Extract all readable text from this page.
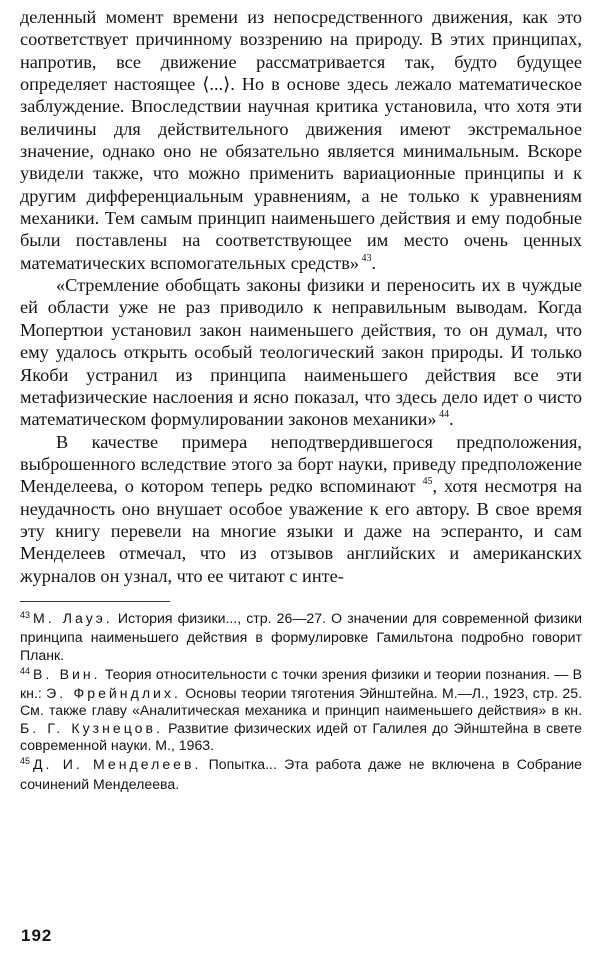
деленный момент времени из непосредственного движения, как это соответствует причинному воззрению на природу. В этих принципах, напротив, все движение рассматривается так, будто будущее определяет настоящее ⟨...⟩. Но в основе здесь лежало математическое заблуждение. Впоследствии научная критика установила, что хотя эти величины для действительного движения имеют экстремальное значение, однако оно не обязательно является минимальным. Вскоре увидели также, что можно применить вариационные принципы и к другим дифференциальным уравнениям, а не только к уравнениям механики. Тем самым принцип наименьшего действия и ему подобные были поставлены на соответствующее им место очень ценных математических вспомогательных средств» $^{43}$.

«Стремление обобщать законы физики и переносить их в чуждые ей области уже не раз приводило к неправильным выводам. Когда Мопертюи установил закон наименьшего действия, то он думал, что ему удалось открыть особый теологический закон природы. И только Якоби устранил из принципа наименьшего действия все эти метафизические наслоения и ясно показал, что здесь дело идет о чисто математическом формулировании законов механики» $^{44}$.

В качестве примера неподтвердившегося предположения, выброшенного вследствие этого за борт науки, приведу предположение Менделеева, о котором теперь редко вспоминают $^{45}$, хотя несмотря на неудачность оно внушает особое уважение к его автору. В свое время эту книгу перевели на многие языки и даже на эсперанто, и сам Менделеев отмечал, что из отзывов английских и американских журналов он узнал, что ее читают с инте-

$^{43}$ М. Лауэ. История физики..., стр. 26—27. О значении для современной физики принципа наименьшего действия в формулировке Гамильтона подробно говорит Планк.

$^{44}$ В. Вин. Теория относительности с точки зрения физики и теории познания. — В кн.: Э. Фрейндлих. Основы теории тяготения Эйнштейна. М.—Л., 1923, стр. 25. См. также главу «Аналитическая механика и принцип наименьшего действия» в кн. Б. Г. Кузнецов. Развитие физических идей от Галилея до Эйнштейна в свете современной науки. М., 1963.

$^{45}$ Д. И. Менделеев. Попытка... Эта работа даже не включена в Собрание сочинений Менделеева.

192
